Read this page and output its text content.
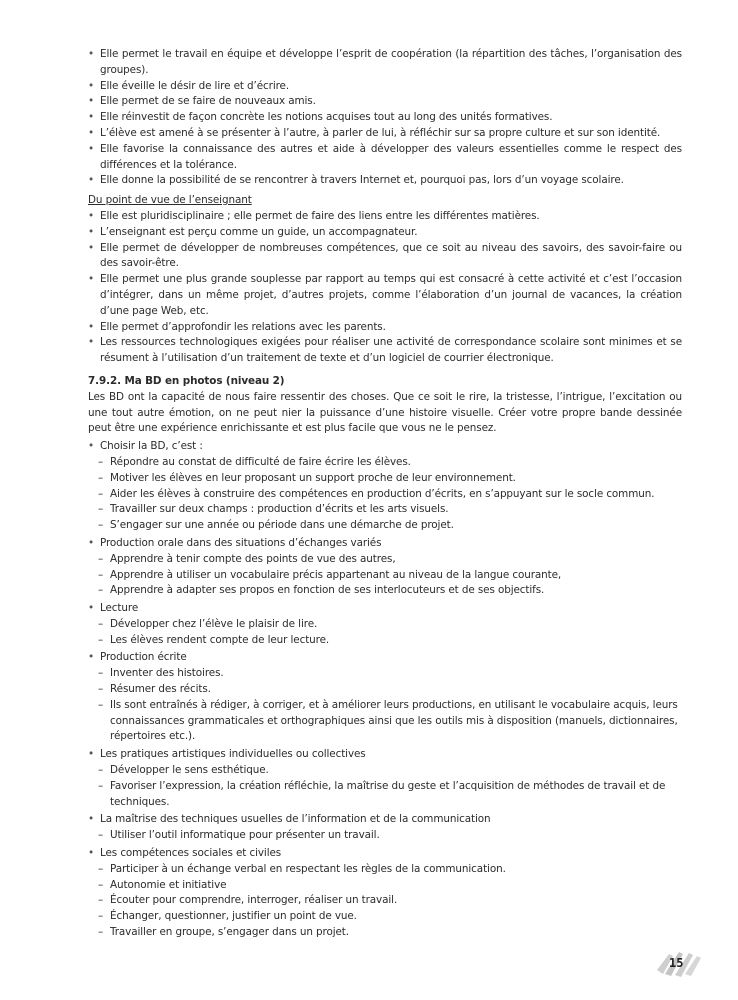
• Elle permet le travail en équipe et développe l’esprit de coopération (la répartition des tâches, l’organisation des groupes).
• Elle éveille le désir de lire et d’écrire.
• Elle permet de se faire de nouveaux amis.
• Elle réinvestit de façon concrète les notions acquises tout au long des unités formatives.
• L’élève est amené à se présenter à l’autre, à parler de lui, à réfléchir sur sa propre culture et sur son identité.
• Elle favorise la connaissance des autres et aide à développer des valeurs essentielles comme le respect des différences et la tolérance.
• Elle donne la possibilité de se rencontrer à travers Internet et, pourquoi pas, lors d’un voyage scolaire.
Du point de vue de l’enseignant
• Elle est pluridisciplinaire ; elle permet de faire des liens entre les différentes matières.
• L’enseignant est perçu comme un guide, un accompagnateur.
• Elle permet de développer de nombreuses compétences, que ce soit au niveau des savoirs, des savoir-faire ou des savoir-être.
• Elle permet une plus grande souplesse par rapport au temps qui est consacré à cette activité et c’est l’occasion d’intégrer, dans un même projet, d’autres projets, comme l’élaboration d’un journal de vacances, la création d’une page Web, etc.
• Elle permet d’approfondir les relations avec les parents.
• Les ressources technologiques exigées pour réaliser une activité de correspondance scolaire sont minimes et se résument à l’utilisation d’un traitement de texte et d’un logiciel de courrier électronique.
7.9.2. Ma BD en photos (niveau 2)
Les BD ont la capacité de nous faire ressentir des choses. Que ce soit le rire, la tristesse, l’intrigue, l’excitation ou une tout autre émotion, on ne peut nier la puissance d’une histoire visuelle. Créer votre propre bande dessinée peut être une expérience enrichissante et est plus facile que vous ne le pensez.
• Choisir la BD, c’est :
– Répondre au constat de difficulté de faire écrire les élèves.
– Motiver les élèves en leur proposant un support proche de leur environnement.
– Aider les élèves à construire des compétences en production d’écrits, en s’appuyant sur le socle commun.
– Travailler sur deux champs : production d’écrits et les arts visuels.
– S’engager sur une année ou période dans une démarche de projet.
• Production orale dans des situations d’échanges variés
– Apprendre à tenir compte des points de vue des autres,
– Apprendre à utiliser un vocabulaire précis appartenant au niveau de la langue courante,
– Apprendre à adapter ses propos en fonction de ses interlocuteurs et de ses objectifs.
• Lecture
– Développer chez l’élève le plaisir de lire.
– Les élèves rendent compte de leur lecture.
• Production écrite
– Inventer des histoires.
– Résumer des récits.
– Ils sont entraînés à rédiger, à corriger, et à améliorer leurs productions, en utilisant le vocabulaire acquis, leurs connaissances grammaticales et orthographiques ainsi que les outils mis à disposition (manuels, dictionnaires, répertoires etc.).
• Les pratiques artistiques individuelles ou collectives
– Développer le sens esthétique.
– Favoriser l’expression, la création réfléchie, la maîtrise du geste et l’acquisition de méthodes de travail et de techniques.
• La maîtrise des techniques usuelles de l’information et de la communication
– Utiliser l’outil informatique pour présenter un travail.
• Les compétences sociales et civiles
– Participer à un échange verbal en respectant les règles de la communication.
– Autonomie et initiative
– Écouter pour comprendre, interroger, réaliser un travail.
– Échanger, questionner, justifier un point de vue.
– Travailler en groupe, s’engager dans un projet.
15
